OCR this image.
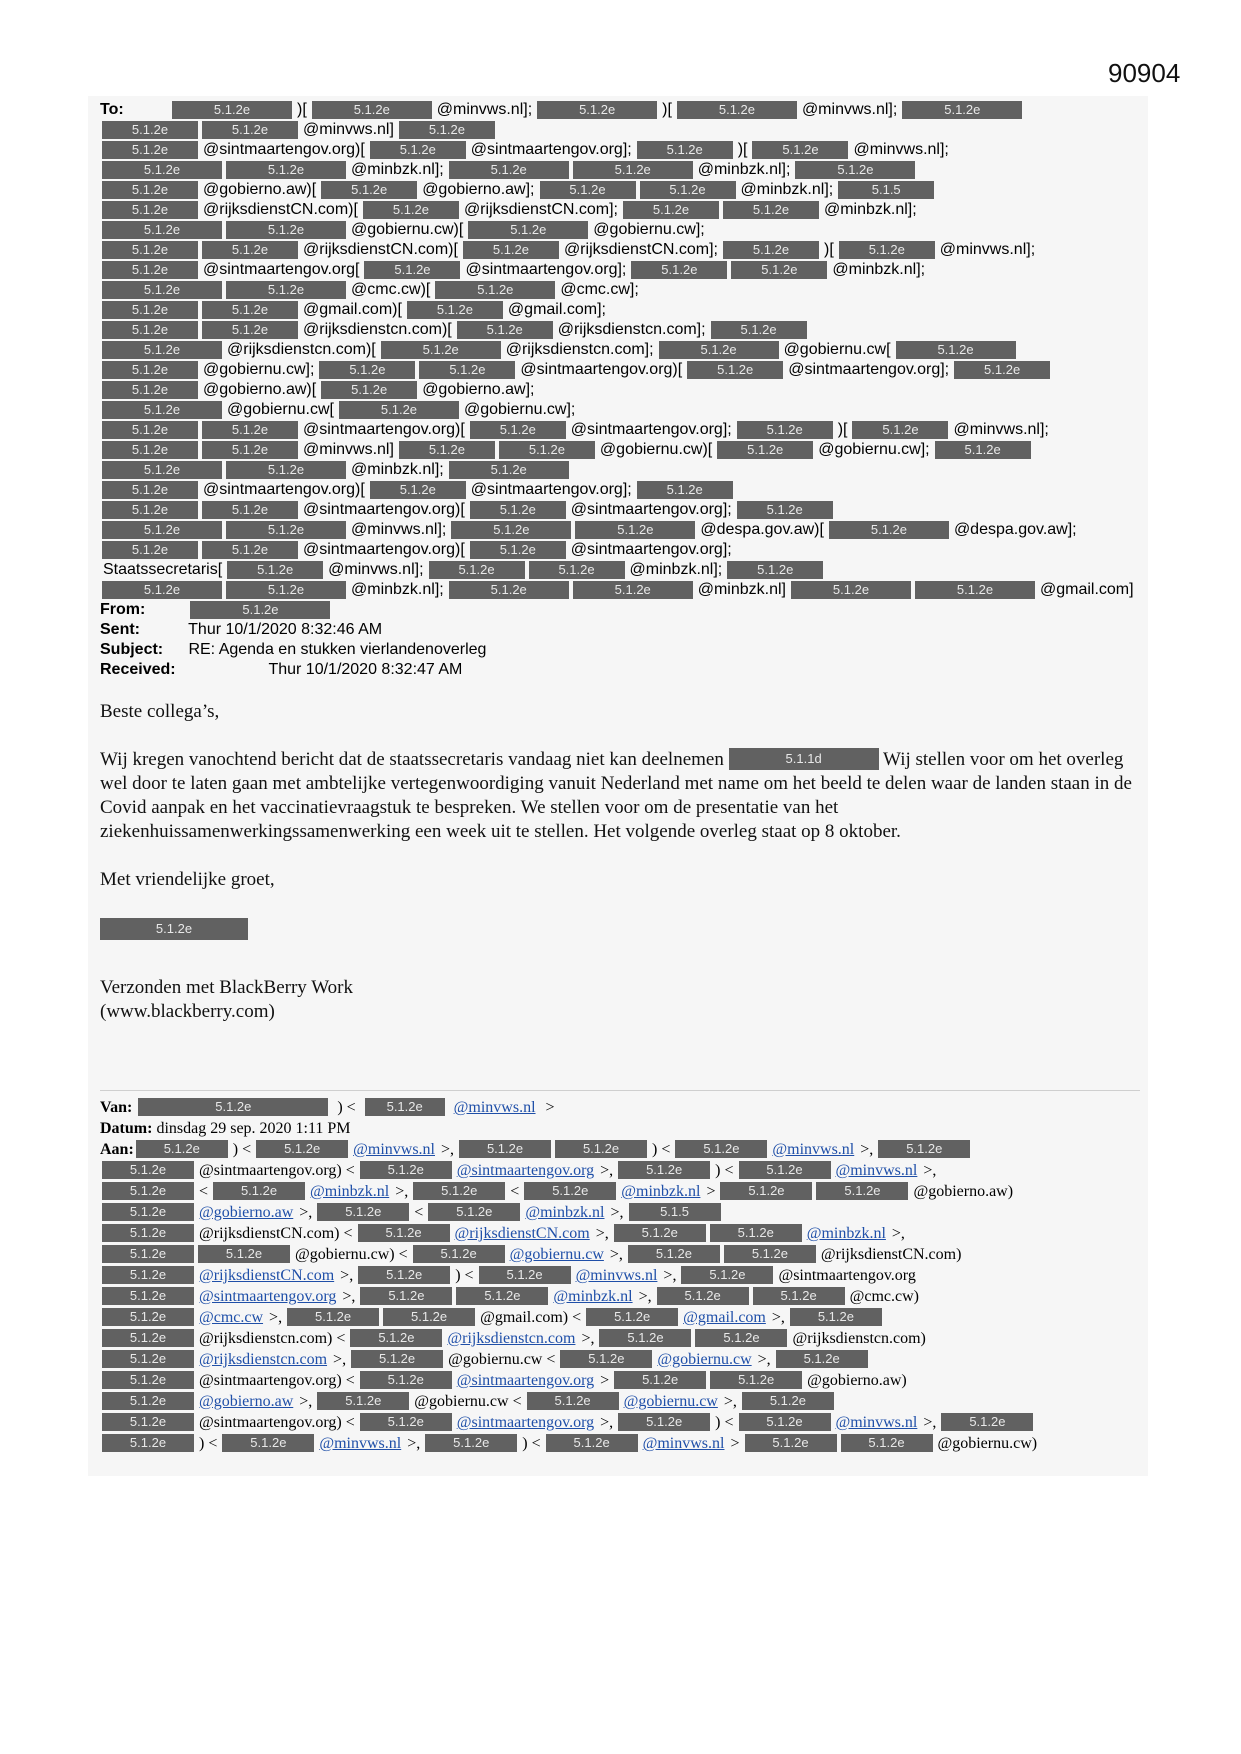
90904
To:	5.1.2e	)[	5.1.2e	@minvws.nl];	5.1.2e	)[	5.1.2e	@minvws.nl];	5.1.2e
5.1.2e	5.1.2e @minvws.nl]	5.1.2e
5.1.2e @sintmaartengov.org)[	5.1.2e @sintmaartengov.org];	5.1.2e )[	5.1.2e @minvws.nl];
5.1.2e	5.1.2e	@minbzk.nl];	5.1.2e	5.1.2e	@minbzk.nl];	5.1.2e
5.1.2e @gobierno.aw)[	5.1.2e @gobierno.aw];	5.1.2e	5.1.2e @minbzk.nl];	5.1.5
5.1.2e @rijksdienstCN.com)[	5.1.2e @rijksdienstCN.com];	5.1.2e	5.1.2e @minbzk.nl];
5.1.2e	5.1.2e	@gobiernu.cw)[	5.1.2e	@gobiernu.cw];
5.1.2e	5.1.2e @rijksdienstCN.com)[	5.1.2e @rijksdienstCN.com];	5.1.2e )[	5.1.2e @minvws.nl];
5.1.2e @sintmaartengov.org[	5.1.2e @sintmaartengov.org];	5.1.2e	5.1.2e @minbzk.nl];
5.1.2e	5.1.2e	@cmc.cw)[	5.1.2e	@cmc.cw];
5.1.2e	5.1.2e @gmail.com)[	5.1.2e @gmail.com];
5.1.2e	5.1.2e @rijksdienstcn.com)[	5.1.2e @rijksdienstcn.com];	5.1.2e
5.1.2e	@rijksdienstcn.com)[	5.1.2e	@rijksdienstcn.com];	5.1.2e	@gobiernu.cw[	5.1.2e
5.1.2e @gobiernu.cw];	5.1.2e	5.1.2e @sintmaartengov.org)[	5.1.2e @sintmaartengov.org];	5.1.2e
5.1.2e @gobierno.aw)[	5.1.2e @gobierno.aw];
5.1.2e	@gobiernu.cw[	5.1.2e	@gobiernu.cw];
5.1.2e	5.1.2e @sintmaartengov.org)[	5.1.2e @sintmaartengov.org];	5.1.2e )[	5.1.2e @minvws.nl];
5.1.2e	5.1.2e @minvws.nl]	5.1.2e	5.1.2e @gobiernu.cw)[	5.1.2e @gobiernu.cw];	5.1.2e
5.1.2e	5.1.2e	@minbzk.nl];	5.1.2e
5.1.2e @sintmaartengov.org)[	5.1.2e @sintmaartengov.org];	5.1.2e
5.1.2e	5.1.2e @sintmaartengov.org)[	5.1.2e @sintmaartengov.org];	5.1.2e
5.1.2e	5.1.2e	@minvws.nl];	5.1.2e	5.1.2e	@despa.gov.aw)[	5.1.2e	@despa.gov.aw];
5.1.2e	5.1.2e @sintmaartengov.org)[	5.1.2e @sintmaartengov.org];
Staatssecretaris[	5.1.2e @minvws.nl];	5.1.2e	5.1.2e @minbzk.nl];	5.1.2e
5.1.2e	5.1.2e	@minbzk.nl];	5.1.2e	5.1.2e	@minbzk.nl]	5.1.2e	5.1.2e	@gmail.com]
From:	5.1.2e
Sent:	Thur 10/1/2020 8:32:46 AM
Subject: RE: Agenda en stukken vierlandenoverleg
Received:	Thur 10/1/2020 8:32:47 AM

Beste collega’s,

Wij kregen vanochtend bericht dat de staatssecretaris vandaag niet kan deelnemen	5.1.1d	Wij stellen voor om het overleg wel door te laten gaan met ambtelijke vertegenwoordiging vanuit Nederland met name om het beeld te delen waar de landen staan in de Covid aanpak en het vaccinatievraagstuk te bespreken. We stellen voor om de presentatie van het ziekenhuissamenwerkingssamenwerking een week uit te stellen. Het volgende overleg staat op 8 oktober.

Met vriendelijke groet,

5.1.2e

Verzonden met BlackBerry Work

(www.blackberry.com)

Van:	5.1.2e	) < 5.1.2e @minvws.nl >
Datum: dinsdag 29 sep. 2020 1:11 PM
Aan: 5.1.2e ) <	5.1.2e @minvws.nl >,	5.1.2e	5.1.2e ) <	5.1.2e @minvws.nl >,	5.1.2e
5.1.2e @sintmaartengov.org) <	5.1.2e @sintmaartengov.org >,	5.1.2e ) <	5.1.2e @minvws.nl >,
5.1.2e <	5.1.2e @minbzk.nl >,	5.1.2e <	5.1.2e @minbzk.nl >	5.1.2e	5.1.2e @gobierno.aw)
5.1.2e @gobierno.aw >,	5.1.2e <	5.1.2e @minbzk.nl >,	5.1.5
5.1.2e @rijksdienstCN.com) <	5.1.2e @rijksdienstCN.com >,	5.1.2e	5.1.2e @minbzk.nl >,
5.1.2e	5.1.2e @gobiernu.cw) <	5.1.2e @gobiernu.cw >,	5.1.2e	5.1.2e @rijksdienstCN.com)
5.1.2e @rijksdienstCN.com >,	5.1.2e ) <	5.1.2e @minvws.nl >,	5.1.2e @sintmaartengov.org
5.1.2e @sintmaartengov.org >,	5.1.2e	5.1.2e @minbzk.nl >,	5.1.2e	5.1.2e @cmc.cw)
5.1.2e @cmc.cw >,	5.1.2e	5.1.2e @gmail.com) <	5.1.2e @gmail.com >,	5.1.2e
5.1.2e @rijksdienstcn.com) <	5.1.2e @rijksdienstcn.com >,	5.1.2e	5.1.2e @rijksdienstcn.com)
5.1.2e @rijksdienstcn.com >,	5.1.2e @gobiernu.cw <	5.1.2e @gobiernu.cw >,	5.1.2e
5.1.2e @sintmaartengov.org) <	5.1.2e @sintmaartengov.org >	5.1.2e	5.1.2e @gobierno.aw)
5.1.2e @gobierno.aw >,	5.1.2e @gobiernu.cw <	5.1.2e @gobiernu.cw >,	5.1.2e
5.1.2e @sintmaartengov.org) <	5.1.2e @sintmaartengov.org >,	5.1.2e ) <	5.1.2e @minvws.nl >,	5.1.2e
5.1.2e ) <	5.1.2e @minvws.nl >,	5.1.2e ) <	5.1.2e @minvws.nl >	5.1.2e	5.1.2e @gobiernu.cw)
